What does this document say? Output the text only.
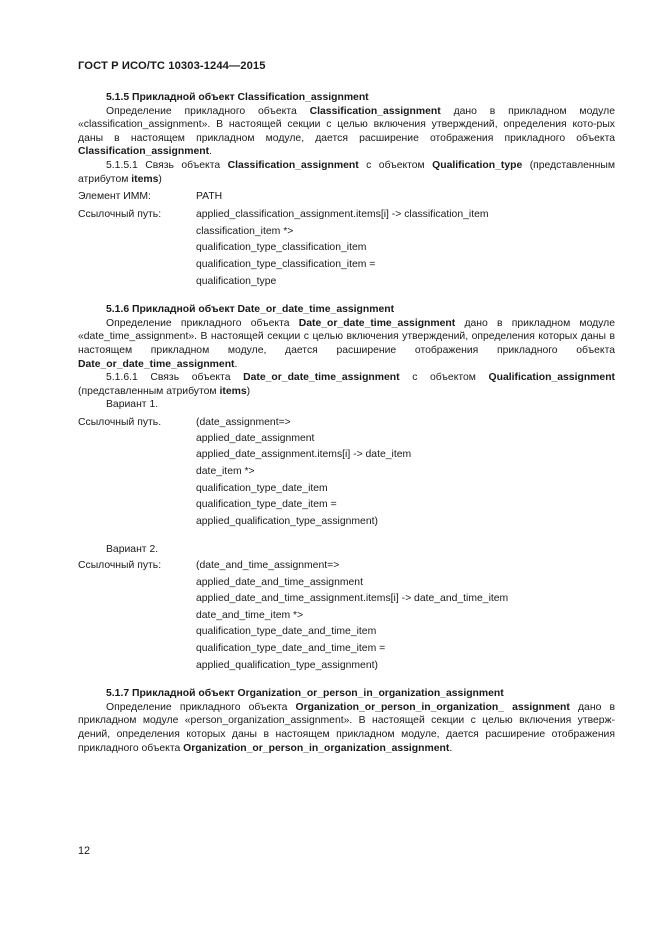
ГОСТ Р ИСО/ТС 10303-1244—2015

5.1.5 Прикладной объект Classification_assignment

Определение прикладного объекта Classification_assignment дано в прикладном модуле «classification_assignment». В настоящей секции с целью включения утверждений, определения кото-рых даны в настоящем прикладном модуле, дается расширение отображения прикладного объекта Classification_assignment.

5.1.5.1 Связь объекта Classification_assignment с объектом Qualification_type (представленным атрибутом items)

Элемент ИММ:	PATH
Ссылочный путь:	applied_classification_assignment.items[i] -> classification_item
classification_item *>
qualification_type_classification_item
qualification_type_classification_item =
qualification_type

5.1.6 Прикладной объект Date_or_date_time_assignment

Определение прикладного объекта Date_or_date_time_assignment дано в прикладном модуле «date_time_assignment». В настоящей секции с целью включения утверждений, определения которых даны в настоящем прикладном модуле, дается расширение отображения прикладного объекта Date_or_date_time_assignment.

5.1.6.1 Связь объекта Date_or_date_time_assignment с объектом Qualification_assignment (представленным атрибутом items)

Вариант 1.

Ссылочный путь.	(date_assignment=>
applied_date_assignment
applied_date_assignment.items[i] -> date_item
date_item *>
qualification_type_date_item
qualification_type_date_item =
applied_qualification_type_assignment)

Вариант 2.

Ссылочный путь:	(date_and_time_assignment=>
applied_date_and_time_assignment
applied_date_and_time_assignment.items[i] -> date_and_time_item
date_and_time_item *>
qualification_type_date_and_time_item
qualification_type_date_and_time_item =
applied_qualification_type_assignment)

5.1.7 Прикладной объект Organization_or_person_in_organization_assignment

Определение прикладного объекта Organization_or_person_in_organization_ assignment дано в прикладном модуле «person_organization_assignment». В настоящей секции с целью включения утверж-дений, определения которых даны в настоящем прикладном модуле, дается расширение отображения прикладного объекта Organization_or_person_in_organization_assignment.

12
